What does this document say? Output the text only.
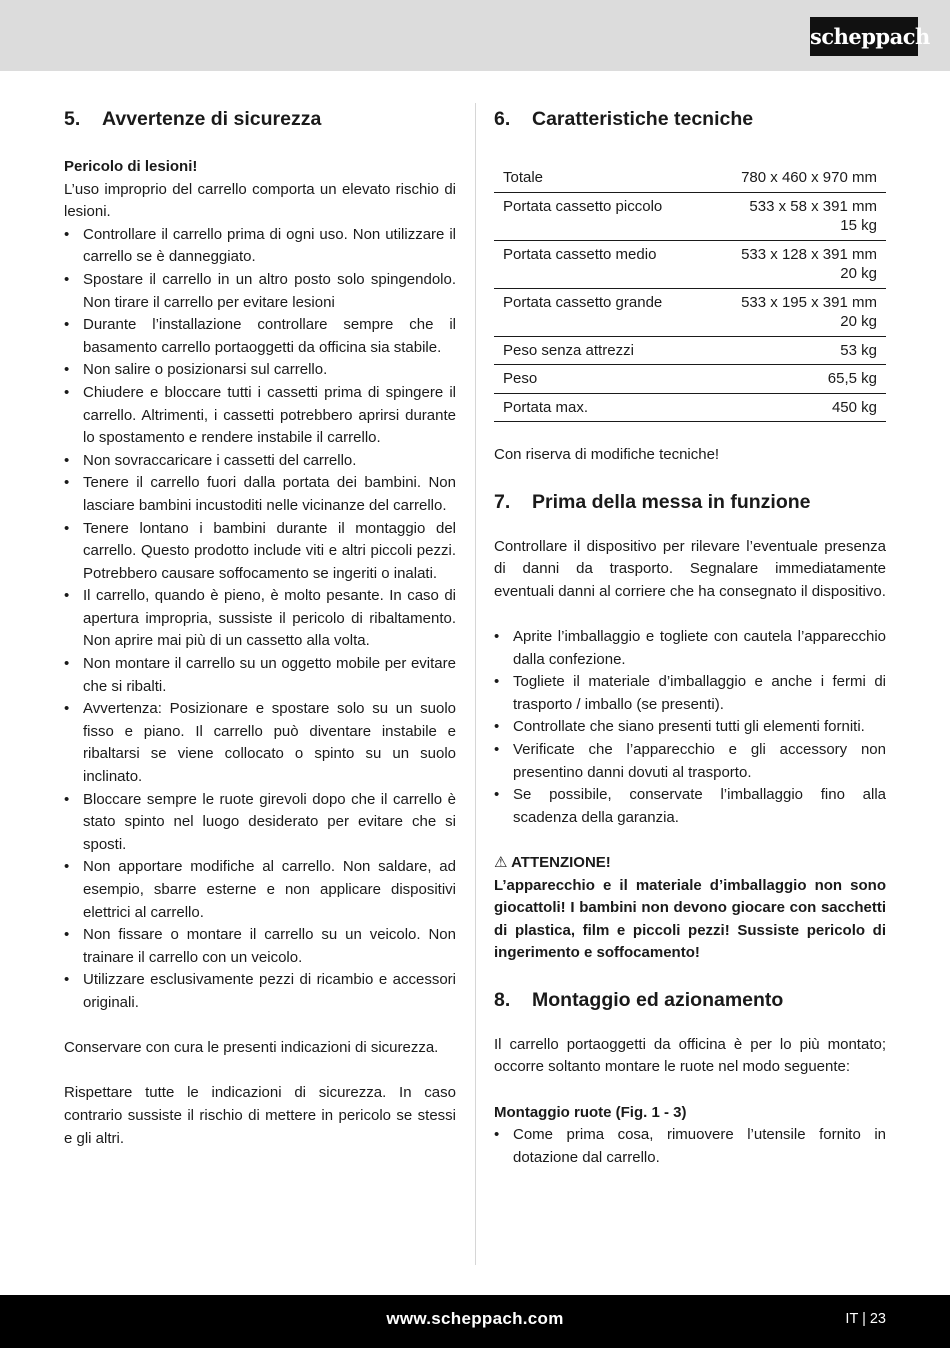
scheppach
5. Avvertenze di sicurezza

Pericolo di lesioni!

L’uso improprio del carrello comporta un elevato rischio di lesioni.

• Controllare il carrello prima di ogni uso. Non utilizzare il carrello se è danneggiato.
• Spostare il carrello in un altro posto solo spingendolo. Non tirare il carrello per evitare lesioni
• Durante l’installazione controllare sempre che il basamento carrello portaoggetti da officina sia stabile.
• Non salire o posizionarsi sul carrello.
• Chiudere e bloccare tutti i cassetti prima di spingere il carrello. Altrimenti, i cassetti potrebbero aprirsi durante lo spostamento e rendere instabile il carrello.
• Non sovraccaricare i cassetti del carrello.
• Tenere il carrello fuori dalla portata dei bambini. Non lasciare bambini incustoditi nelle vicinanze del carrello.
• Tenere lontano i bambini durante il montaggio del carrello. Questo prodotto include viti e altri piccoli pezzi. Potrebbero causare soffocamento se ingeriti o inalati.
• Il carrello, quando è pieno, è molto pesante. In caso di apertura impropria, sussiste il pericolo di ribaltamento. Non aprire mai più di un cassetto alla volta.
• Non montare il carrello su un oggetto mobile per evitare che si ribalti.
• Avvertenza: Posizionare e spostare solo su un suolo fisso e piano. Il carrello può diventare instabile e ribaltarsi se viene collocato o spinto su un suolo inclinato.
• Bloccare sempre le ruote girevoli dopo che il carrello è stato spinto nel luogo desiderato per evitare che si sposti.
• Non apportare modifiche al carrello. Non saldare, ad esempio, sbarre esterne e non applicare dispositivi elettrici al carrello.
• Non fissare o montare il carrello su un veicolo. Non trainare il carrello con un veicolo.
• Utilizzare esclusivamente pezzi di ricambio e accessori originali.

Conservare con cura le presenti indicazioni di sicurezza.

Rispettare tutte le indicazioni di sicurezza. In caso contrario sussiste il rischio di mettere in pericolo se stessi e gli altri.

6. Caratteristiche tecniche
Totale	780 x 460 x 970 mm

Portata cassetto piccolo	533 x 58 x 391 mm
15 kg

Portata cassetto medio	533 x 128 x 391 mm
20 kg

Portata cassetto grande	533 x 195 x 391 mm
20 kg

Peso senza attrezzi	53 kg

Peso	65,5 kg

Portata max.	450 kg

Con riserva di modifiche tecniche!

7. Prima della messa in funzione

Controllare il dispositivo per rilevare l’eventuale presenza di danni da trasporto. Segnalare immediatamente eventuali danni al corriere che ha consegnato il dispositivo.

• Aprite l’imballaggio e togliete con cautela l’apparecchio dalla confezione.
• Togliete il materiale d’imballaggio e anche i fermi di trasporto / imballo (se presenti).
• Controllate che siano presenti tutti gli elementi forniti.
• Verificate che l’apparecchio e gli accessory non presentino danni dovuti al trasporto.
• Se possibile, conservate l’imballaggio fino alla scadenza della garanzia.
⚠ ATTENZIONE!

L’apparecchio e il materiale d’imballaggio non sono giocattoli! I bambini non devono giocare con sacchetti di plastica, film e piccoli pezzi! Sussiste pericolo di ingerimento e soffocamento!

8. Montaggio ed azionamento

Il carrello portaoggetti da officina è per lo più montato; occorre soltanto montare le ruote nel modo seguente:

Montaggio ruote (Fig. 1 - 3)

• Come prima cosa, rimuovere l’utensile fornito in dotazione dal carrello.
www.scheppach.com	IT | 23
